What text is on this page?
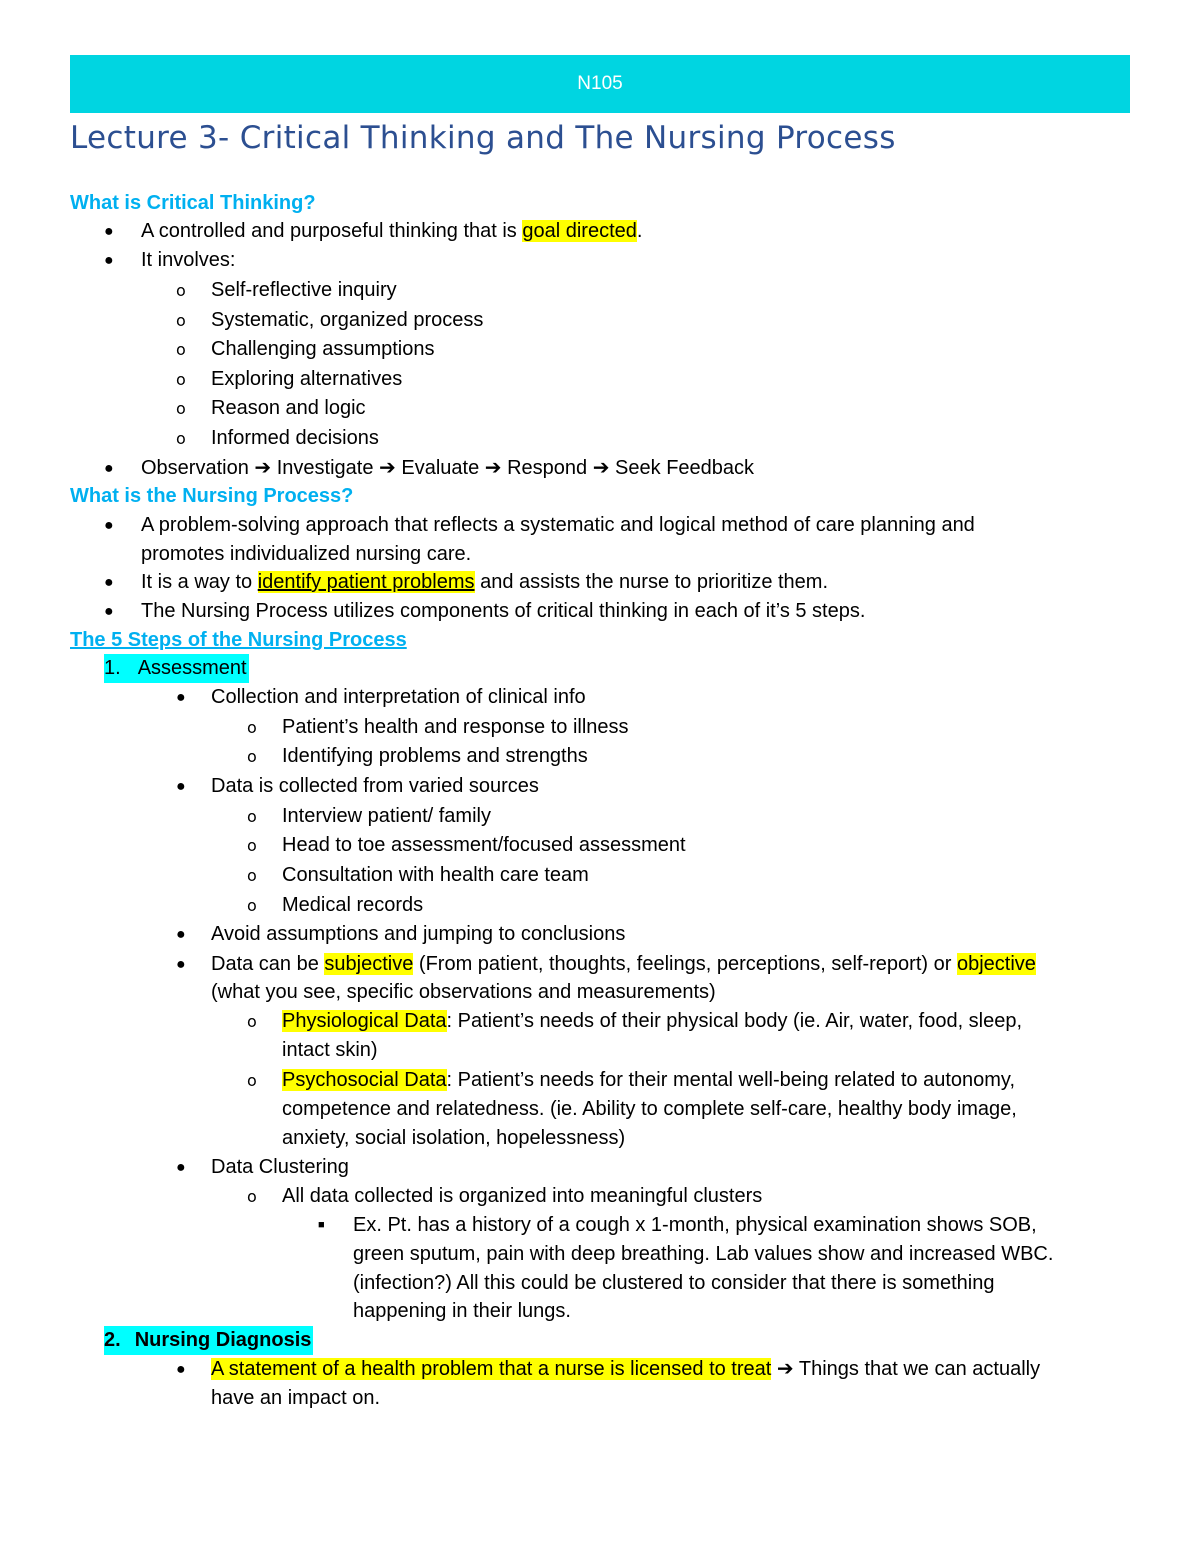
N105
Lecture 3- Critical Thinking and The Nursing Process
What is Critical Thinking?
● A controlled and purposeful thinking that is goal directed.
● It involves:
o Self-reflective inquiry
o Systematic, organized process
o Challenging assumptions
o Exploring alternatives
o Reason and logic
o Informed decisions
● Observation ➔ Investigate ➔ Evaluate ➔ Respond ➔ Seek Feedback
What is the Nursing Process?
● A problem-solving approach that reflects a systematic and logical method of care planning and
promotes individualized nursing care.
● It is a way to identify patient problems and assists the nurse to prioritize them.
● The Nursing Process utilizes components of critical thinking in each of it’s 5 steps.
The 5 Steps of the Nursing Process
1. Assessment
● Collection and interpretation of clinical info
o Patient’s health and response to illness
o Identifying problems and strengths
● Data is collected from varied sources
o Interview patient/ family
o Head to toe assessment/focused assessment
o Consultation with health care team
o Medical records
● Avoid assumptions and jumping to conclusions
● Data can be subjective (From patient, thoughts, feelings, perceptions, self-report) or objective
(what you see, specific observations and measurements)
o Physiological Data: Patient’s needs of their physical body (ie. Air, water, food, sleep,
intact skin)
o Psychosocial Data: Patient’s needs for their mental well-being related to autonomy,
competence and relatedness. (ie. Ability to complete self-care, healthy body image,
anxiety, social isolation, hopelessness)
● Data Clustering
o All data collected is organized into meaningful clusters
■ Ex. Pt. has a history of a cough x 1-month, physical examination shows SOB,
green sputum, pain with deep breathing. Lab values show and increased WBC.
(infection?) All this could be clustered to consider that there is something
happening in their lungs.
2. Nursing Diagnosis
● A statement of a health problem that a nurse is licensed to treat ➔ Things that we can actually
have an impact on.
